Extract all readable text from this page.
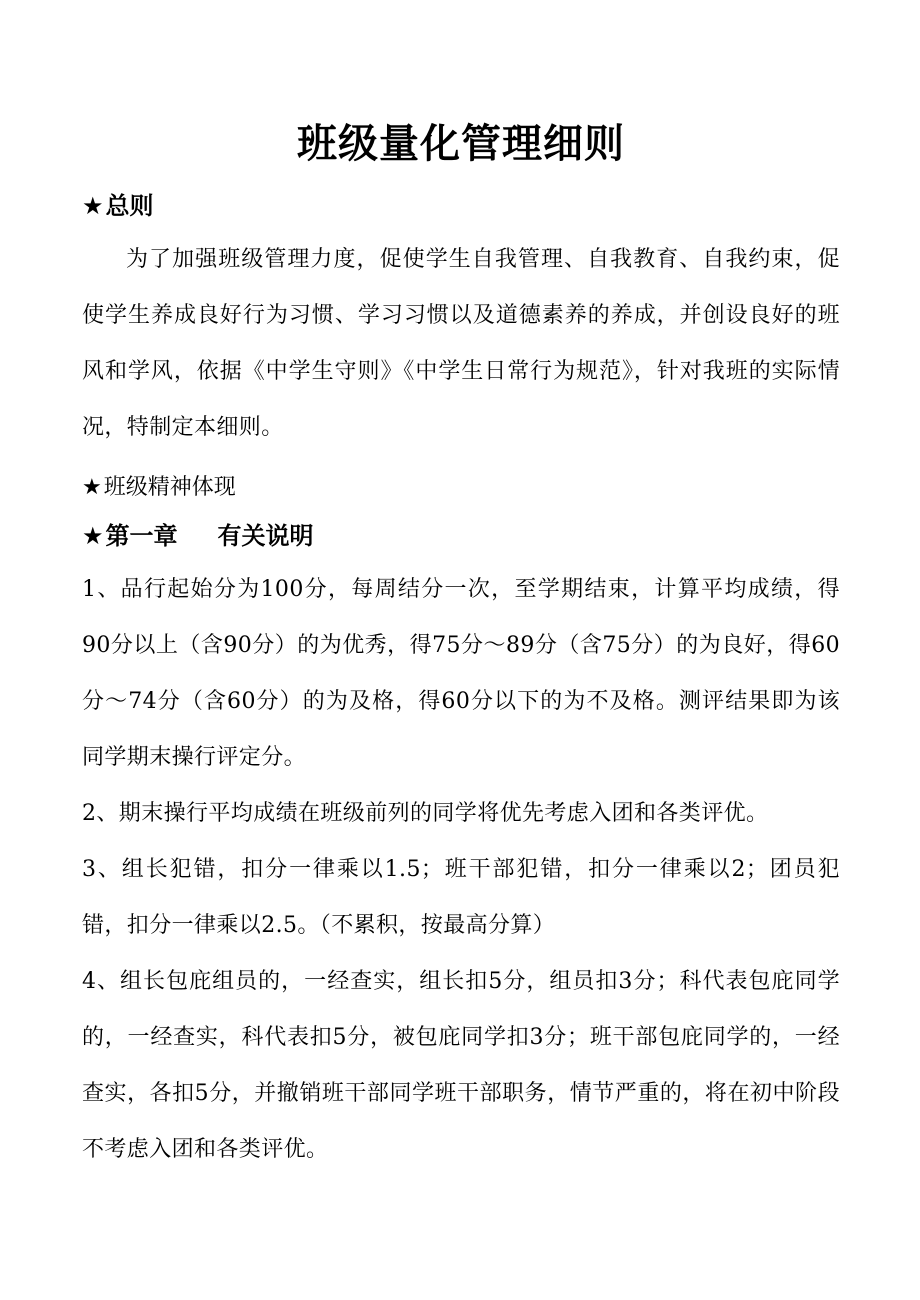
班级量化管理细则
★总则

为了加强班级管理力度，促使学生自我管理、自我教育、自我约束，促使学生养成良好行为习惯、学习习惯以及道德素养的养成，并创设良好的班风和学风，依据《中学生守则》《中学生日常行为规范》，针对我班的实际情况，特制定本细则。

★班级精神体现
★第一章 有关说明

1、品行起始分为100分，每周结分一次，至学期结束，计算平均成绩，得90分以上（含90分）的为优秀，得75分～89分（含75分）的为良好，得60分～74分（含60分）的为及格，得60分以下的为不及格。测评结果即为该同学期末操行评定分。

2、期末操行平均成绩在班级前列的同学将优先考虑入团和各类评优。

3、组长犯错，扣分一律乘以1.5；班干部犯错，扣分一律乘以2；团员犯错，扣分一律乘以2.5。（不累积，按最高分算）

4、组长包庇组员的，一经查实，组长扣5分，组员扣3分；科代表包庇同学的，一经查实，科代表扣5分，被包庇同学扣3分；班干部包庇同学的，一经查实，各扣5分，并撤销班干部同学班干部职务，情节严重的，将在初中阶段不考虑入团和各类评优。
